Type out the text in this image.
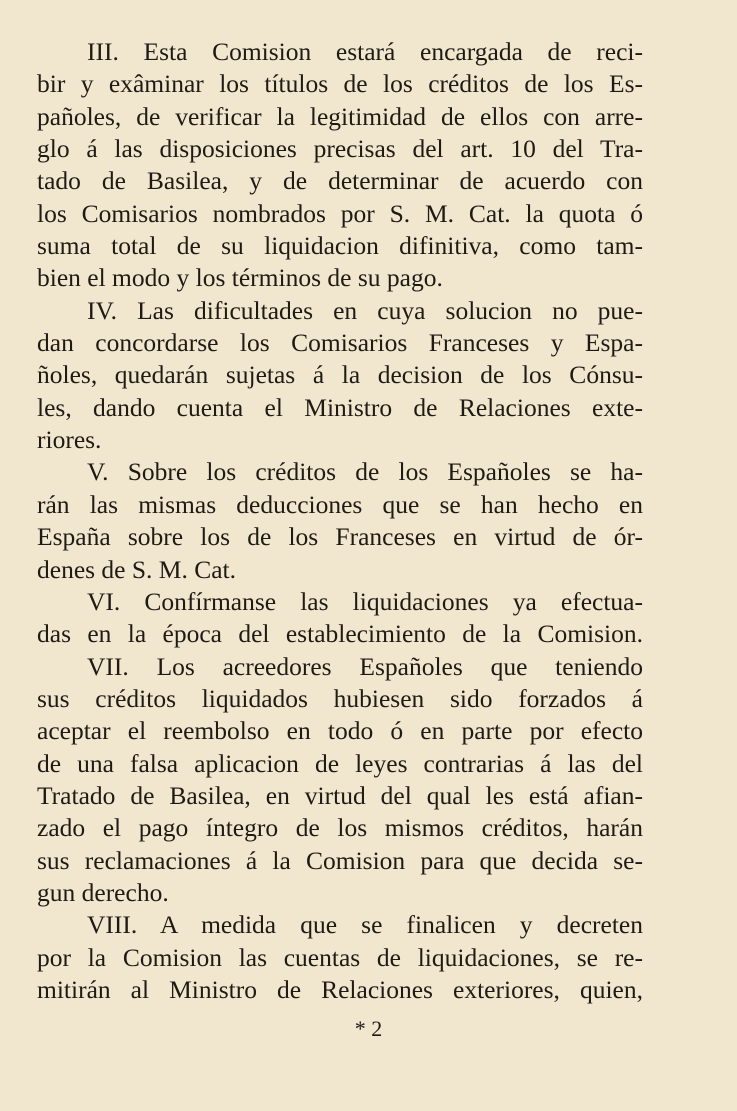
III. Esta Comision estará encargada de reci-
bir y exâminar los títulos de los créditos de los Es-
pañoles, de verificar la legitimidad de ellos con arre-
glo á las disposiciones precisas del art. 10 del Tra-
tado de Basilea, y de determinar de acuerdo con
los Comisarios nombrados por S. M. Cat. la quota ó
suma total de su liquidacion difinitiva, como tam-
bien el modo y los términos de su pago.
IV. Las dificultades en cuya solucion no pue-
dan concordarse los Comisarios Franceses y Espa-
ñoles, quedarán sujetas á la decision de los Cónsu-
les, dando cuenta el Ministro de Relaciones exte-
riores.
V. Sobre los créditos de los Españoles se ha-
rán las mismas deducciones que se han hecho en
España sobre los de los Franceses en virtud de ór-
denes de S. M. Cat.
VI. Confírmanse las liquidaciones ya efectua-
das en la época del establecimiento de la Comision.
VII. Los acreedores Españoles que teniendo
sus créditos liquidados hubiesen sido forzados á
aceptar el reembolso en todo ó en parte por efecto
de una falsa aplicacion de leyes contrarias á las del
Tratado de Basilea, en virtud del qual les está afian-
zado el pago íntegro de los mismos créditos, harán
sus reclamaciones á la Comision para que decida se-
gun derecho.
VIII. A medida que se finalicen y decreten
por la Comision las cuentas de liquidaciones, se re-
mitirán al Ministro de Relaciones exteriores, quien,
* 2
